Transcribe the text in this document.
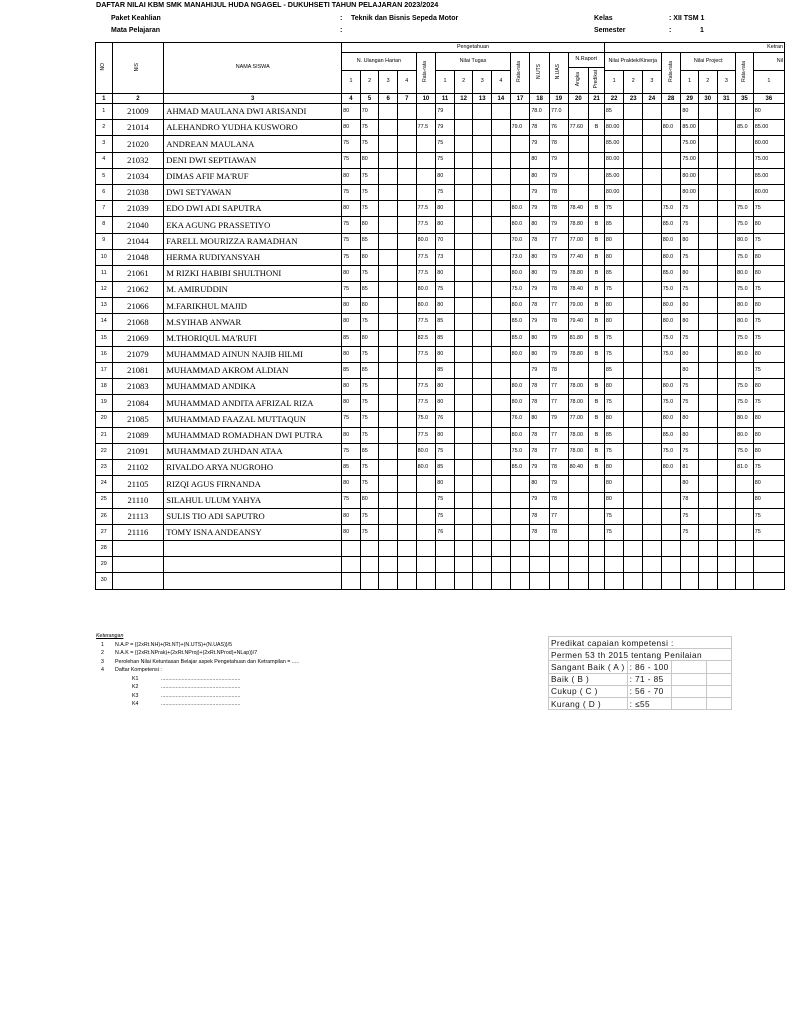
DAFTAR NILAI KBM SMK MANAHIJUL HUDA NGAGEL - DUKUHSETI TAHUN PELAJARAN 2023/2024
Paket Keahlian	: Teknik dan Bisnis Sepeda Motor
Mata Pelajaran	:
Kelas	: XII TSM 1
Semester	:	1
NO	NIS	NAMA SISWA	Pengetahuan														Ketran								
			N. Ulangan Harian				Rata-rata	Nilai Tugas				Rata-rata	N.UTS	N.UAS	N.Raport		Nilai Praktek/Kinerja			Rata-rata	Nilai Project			Rata-rata	Nil
															Angka	Predikat									
			1	2	3	4		1	2	3	4						1	2	3		1	2	3		1
1	2	3	4	5	6	7	10	11	12	13	14	17	18	19	20	21	22	23	24	28	29	30	31	35	36
1	21009	AHMAD MAULANA DWI ARISANDI	80	70				79					78.0	77.0			85				80				80
2	21014	ALEHANDRO YUDHA KUSWORO	80	75			77.5	79				79.0	78	76	77.60	B	80.00			80.0	85.00			85.0	85.00
3	21020	ANDREAN MAULANA	75	75				75					79	78			85.00				75.00				80.00
4	21032	DENI DWI SEPTIAWAN	75	80				75					80	79			80.00				75.00				75.00
5	21034	DIMAS AFIF MA'RUF	80	75				80					80	79			85.00				80.00				85.00
6	21038	DWI SETYAWAN	75	75				75					79	78			80.00				80.00				80.00
7	21039	EDO DWI ADI SAPUTRA	80	75			77.5	80				80.0	79	78	78.40	B	75			75.0	75			75.0	75
8	21040	EKA AGUNG PRASSETIYO	75	80			77.5	80				80.0	80	79	78.80	B	85			85.0	75			75.0	80
9	21044	FARELL MOURIZZA RAMADHAN	75	85			80.0	70				70.0	78	77	77.00	B	80			80.0	80			80.0	75
10	21048	HERMA RUDIYANSYAH	75	80			77.5	73				73.0	80	79	77.40	B	80			80.0	75			75.0	80
11	21061	M RIZKI HABIBI SHULTHONI	80	75			77.5	80				80.0	80	79	78.80	B	85			85.0	80			80.0	80
12	21062	M. AMIRUDDIN	75	85			80.0	75				75.0	79	78	78.40	B	75			75.0	75			75.0	75
13	21066	M.FARIKHUL MAJID	80	80			80.0	80				80.0	78	77	79.00	B	80			80.0	80			80.0	80
14	21068	M.SYIHAB ANWAR	80	75			77.5	85				85.0	79	78	79.40	B	80			80.0	80			80.0	75
15	21069	M.THORIQUL MA'RUFI	85	80			82.5	85				85.0	80	79	81.80	B	75			75.0	75			75.0	75
16	21079	MUHAMMAD AINUN NAJIB HILMI	80	75			77.5	80				80.0	80	79	78.80	B	75			75.0	80			80.0	80
17	21081	MUHAMMAD AKROM ALDIAN	85	85				85					79	78			85				80				75
18	21083	MUHAMMAD ANDIKA	80	75			77.5	80				80.0	78	77	78.00	B	80			80.0	75			75.0	80
19	21084	MUHAMMAD ANDITA AFRIZAL RIZA	80	75			77.5	80				80.0	78	77	78.00	B	75			75.0	75			75.0	75
20	21085	MUHAMMAD FAAZAL MUTTAQUN	75	75			75.0	76				76.0	80	79	77.00	B	80			80.0	80			80.0	80
21	21089	MUHAMMAD ROMADHAN DWI PUTRA	80	75			77.5	80				80.0	78	77	78.00	B	85			85.0	80			80.0	80
22	21091	MUHAMMAD ZUHDAN ATAA	75	85			80.0	75				75.0	78	77	78.00	B	75			75.0	75			75.0	80
23	21102	RIVALDO ARYA NUGROHO	85	75			80.0	85				85.0	79	78	80.40	B	80			80.0	81			81.0	75
24	21105	RIZQI AGUS FIRNANDA	80	75				80					80	79			80				80				80
25	21110	SILAHUL ULUM YAHYA	75	80				75					79	78			80				78				80
26	21113	SULIS TIO ADI SAPUTRO	80	75				75					78	77			75				75				75
27	21116	TOMY ISNA ANDEANSY	80	75				76					78	78			75				75				75
28																									
29																									
30																									
Keterangan
1 N.A.P = {(2xRt.NH)+(Rt.NT)+(N.UTS)+(N.UAS)}/5
2 N.A.K = {(2xRt.NPrak)+(2xRt.NProj)+(2xRt.NProd)+NLap)}/7
3 Perolehan Nilai Ketuntasan Belajar aspek Pengetahuan dan Ketrampilan = .....
4 Daftar Kompetensi :
K1	......................................................
K2	......................................................
K3	......................................................
K4	......................................................
Predikat capaian kompetensi :			
Permen 53 th 2015 tentang Penilaian			
Sangant Baik ( A )	: 86 - 100		
Baik ( B )	: 71 - 85		
Cukup ( C )	: 56 - 70		
Kurang ( D )	: ≤55		
